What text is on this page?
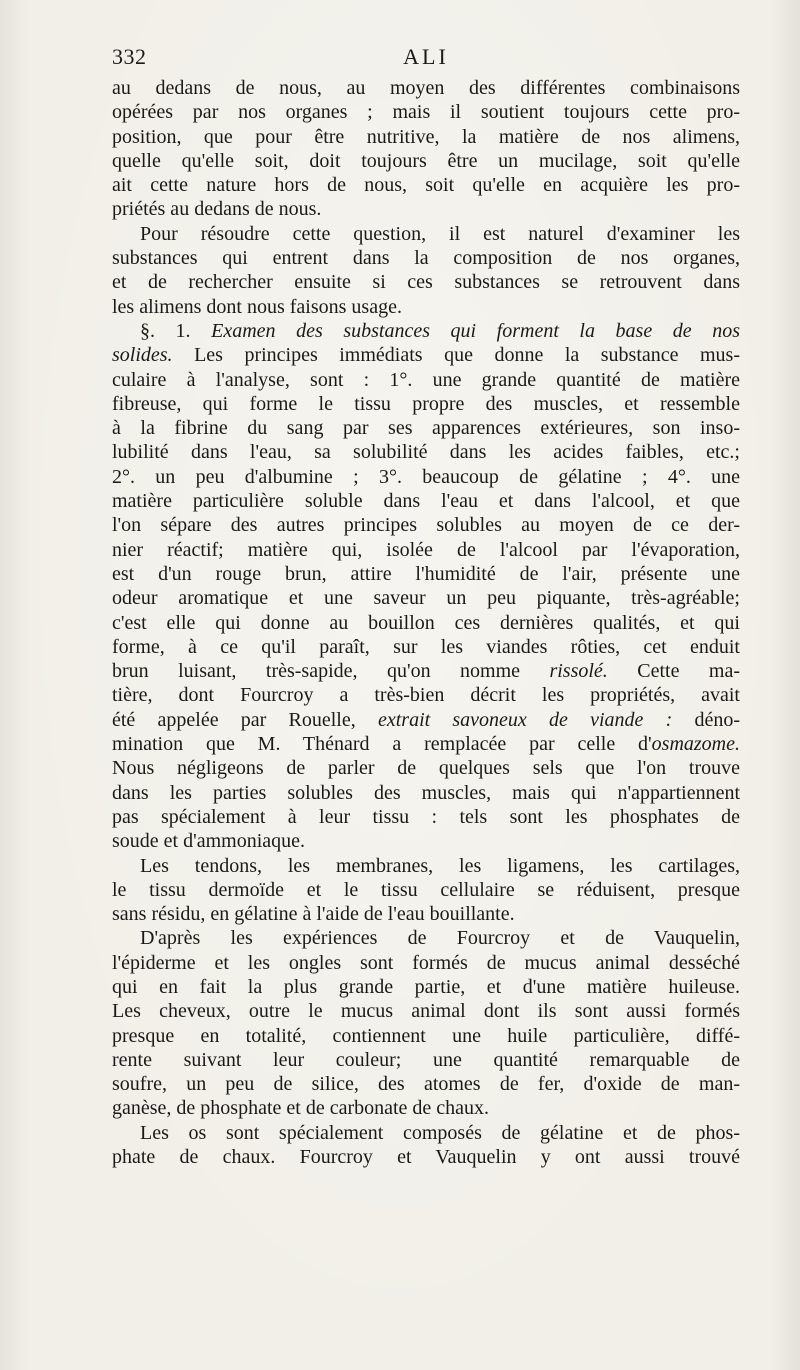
332	ALI
au dedans de nous, au moyen des différentes combinaisons
opérées par nos organes ; mais il soutient toujours cette pro-
position, que pour être nutritive, la matière de nos alimens,
quelle qu'elle soit, doit toujours être un mucilage, soit qu'elle
ait cette nature hors de nous, soit qu'elle en acquière les pro-
priétés au dedans de nous.
Pour résoudre cette question, il est naturel d'examiner les
substances qui entrent dans la composition de nos organes,
et de rechercher ensuite si ces substances se retrouvent dans
les alimens dont nous faisons usage.
§. 1. Examen des substances qui forment la base de nos
solides. Les principes immédiats que donne la substance mus-
culaire à l'analyse, sont : 1°. une grande quantité de matière
fibreuse, qui forme le tissu propre des muscles, et ressemble
à la fibrine du sang par ses apparences extérieures, son inso-
lubilité dans l'eau, sa solubilité dans les acides faibles, etc.;
2°. un peu d'albumine ; 3°. beaucoup de gélatine ; 4°. une
matière particulière soluble dans l'eau et dans l'alcool, et que
l'on sépare des autres principes solubles au moyen de ce der-
nier réactif; matière qui, isolée de l'alcool par l'évaporation,
est d'un rouge brun, attire l'humidité de l'air, présente une
odeur aromatique et une saveur un peu piquante, très-agréable;
c'est elle qui donne au bouillon ces dernières qualités, et qui
forme, à ce qu'il paraît, sur les viandes rôties, cet enduit
brun luisant, très-sapide, qu'on nomme rissolé. Cette ma-
tière, dont Fourcroy a très-bien décrit les propriétés, avait
été appelée par Rouelle, extrait savoneux de viande : déno-
mination que M. Thénard a remplacée par celle d'osmazome.
Nous négligeons de parler de quelques sels que l'on trouve
dans les parties solubles des muscles, mais qui n'appartiennent
pas spécialement à leur tissu : tels sont les phosphates de
soude et d'ammoniaque.
Les tendons, les membranes, les ligamens, les cartilages,
le tissu dermoïde et le tissu cellulaire se réduisent, presque
sans résidu, en gélatine à l'aide de l'eau bouillante.
D'après les expériences de Fourcroy et de Vauquelin,
l'épiderme et les ongles sont formés de mucus animal desséché
qui en fait la plus grande partie, et d'une matière huileuse.
Les cheveux, outre le mucus animal dont ils sont aussi formés
presque en totalité, contiennent une huile particulière, diffé-
rente suivant leur couleur; une quantité remarquable de
soufre, un peu de silice, des atomes de fer, d'oxide de man-
ganèse, de phosphate et de carbonate de chaux.
Les os sont spécialement composés de gélatine et de phos-
phate de chaux. Fourcroy et Vauquelin y ont aussi trouvé
